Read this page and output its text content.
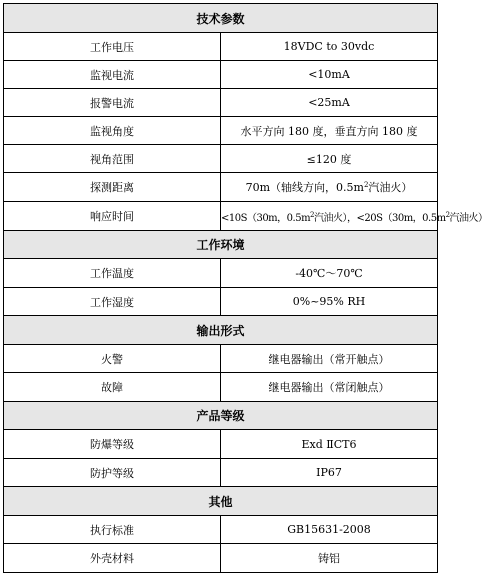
技术参数	
工作电压	18VDC to 30vdc
监视电流	<10mA
报警电流	<25mA
监视角度	水平方向 180 度，垂直方向 180 度
视角范围	≤120 度
探测距离	70m（轴线方向，$0.5m^2$汽油火）
响应时间	<10S（30m，$0.5m^2$汽油火），<20S（30m，$0.5m^2$汽油火）
工作环境	
工作温度	-40℃～70℃
工作湿度	0%~95% RH
输出形式	
火警	继电器输出（常开触点）
故障	继电器输出（常闭触点）
产品等级	
防爆等级	Exd ⅡCT6
防护等级	IP67
其他	
执行标准	GB15631-2008
外壳材料	铸铝
